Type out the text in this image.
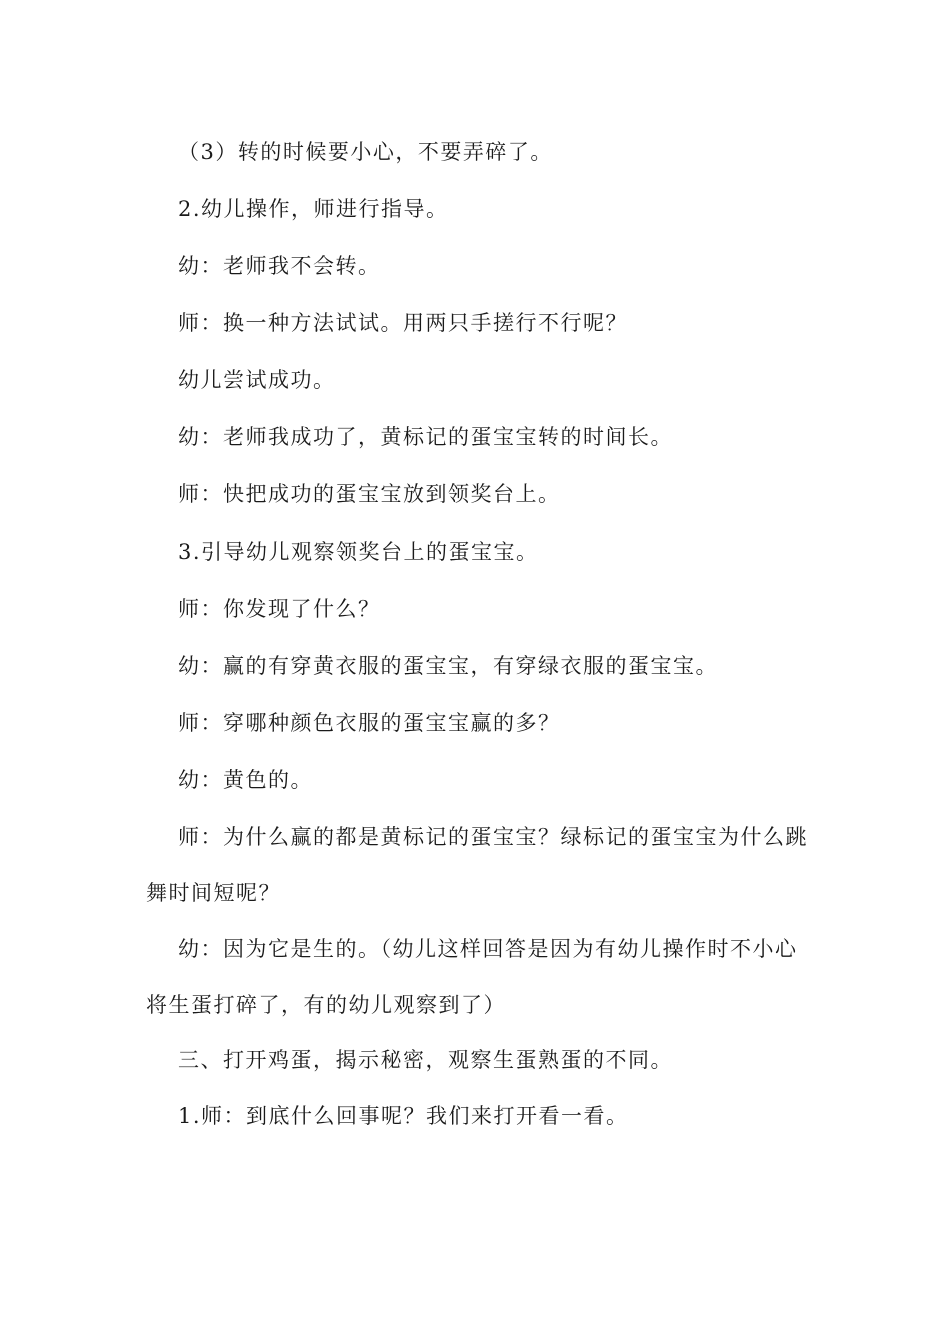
（3）转的时候要小心，不要弄碎了。

2.幼儿操作，师进行指导。

幼：老师我不会转。

师：换一种方法试试。用两只手搓行不行呢？

幼儿尝试成功。

幼：老师我成功了，黄标记的蛋宝宝转的时间长。

师：快把成功的蛋宝宝放到领奖台上。

3.引导幼儿观察领奖台上的蛋宝宝。

师：你发现了什么？

幼：赢的有穿黄衣服的蛋宝宝，有穿绿衣服的蛋宝宝。

师：穿哪种颜色衣服的蛋宝宝赢的多？

幼：黄色的。

师：为什么赢的都是黄标记的蛋宝宝？绿标记的蛋宝宝为什么跳舞时间短呢？

幼：因为它是生的。（幼儿这样回答是因为有幼儿操作时不小心将生蛋打碎了，有的幼儿观察到了）

三、打开鸡蛋，揭示秘密，观察生蛋熟蛋的不同。

1.师：到底什么回事呢？我们来打开看一看。
